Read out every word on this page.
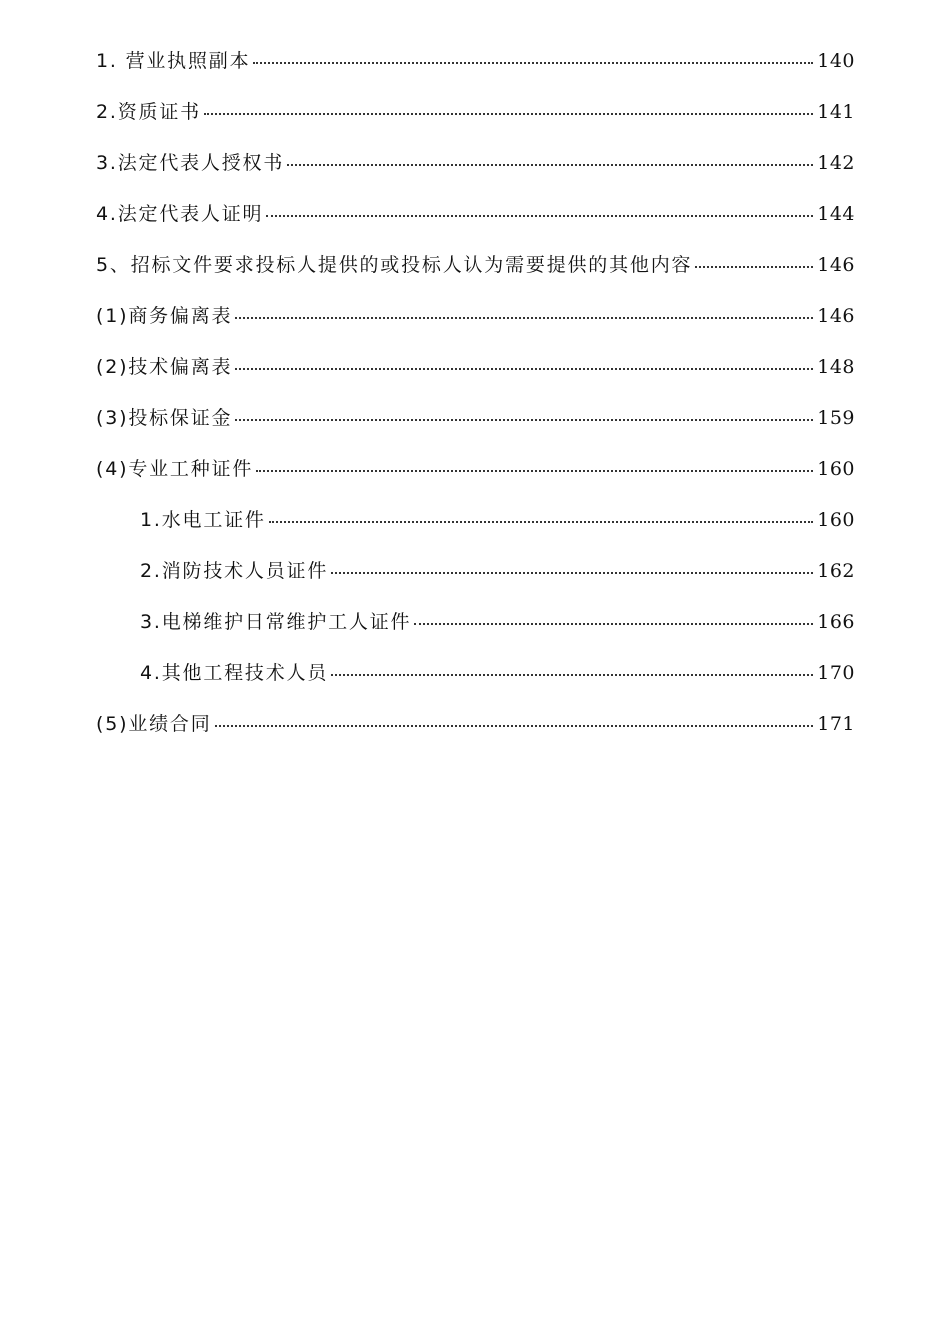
1. 营业执照副本	140
2.资质证书	141
3.法定代表人授权书	142
4.法定代表人证明	144
5、招标文件要求投标人提供的或投标人认为需要提供的其他内容	146
(1)商务偏离表	146
(2)技术偏离表	148
(3)投标保证金	159
(4)专业工种证件	160
1.水电工证件	160
2.消防技术人员证件	162
3.电梯维护日常维护工人证件	166
4.其他工程技术人员	170
(5)业绩合同	171
